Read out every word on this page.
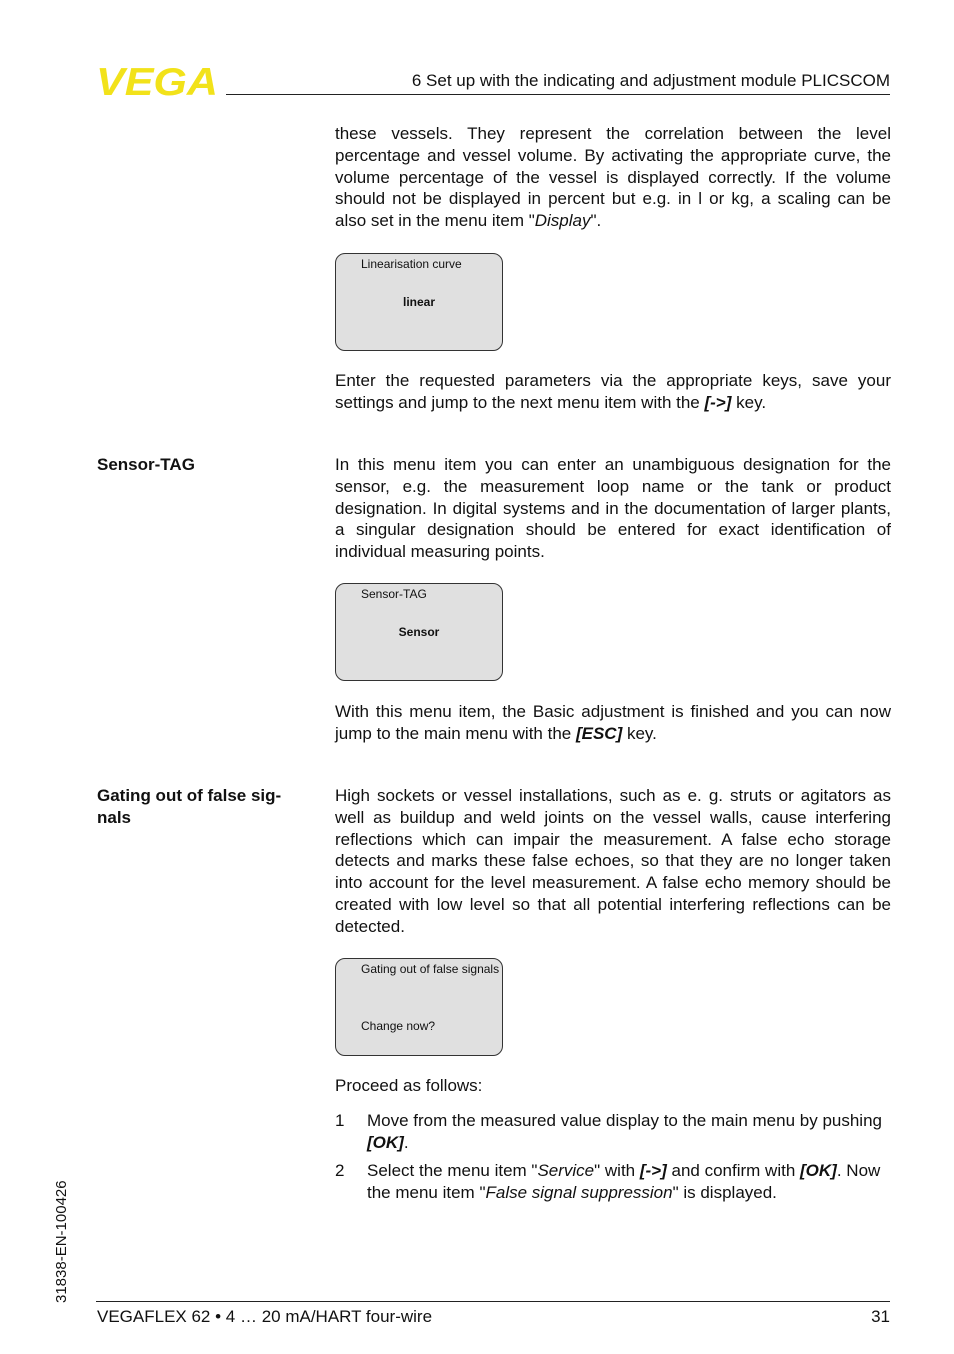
VEGA	6 Set up with the indicating and adjustment module PLICSCOM
these vessels. They represent the correlation between the level percentage and vessel volume. By activating the appropriate curve, the volume percentage of the vessel is displayed correctly. If the volume should not be displayed in percent but e.g. in l or kg, a scaling can be also set in the menu item "Display".
Linearisation curve
linear
Enter the requested parameters via the appropriate keys, save your settings and jump to the next menu item with the [->] key.
Sensor-TAG	In this menu item you can enter an unambiguous designation for the sensor, e.g. the measurement loop name or the tank or product designation. In digital systems and in the documentation of larger plants, a singular designation should be entered for exact identification of individual measuring points.
Sensor-TAG
Sensor
With this menu item, the Basic adjustment is finished and you can now jump to the main menu with the [ESC] key.
Gating out of false sig-
nals
High sockets or vessel installations, such as e. g. struts or agitators as well as buildup and weld joints on the vessel walls, cause interfering reflections which can impair the measurement. A false echo storage detects and marks these false echoes, so that they are no longer taken into account for the level measurement. A false echo memory should be created with low level so that all potential interfering reflections can be detected.
Gating out of false signals
Change now?
Proceed as follows:
1 Move from the measured value display to the main menu by pushing [OK].
2 Select the menu item "Service" with [->] and confirm with [OK]. Now the menu item "False signal suppression" is displayed.
31838-EN-100426
VEGAFLEX 62 • 4 … 20 mA/HART four-wire	31
